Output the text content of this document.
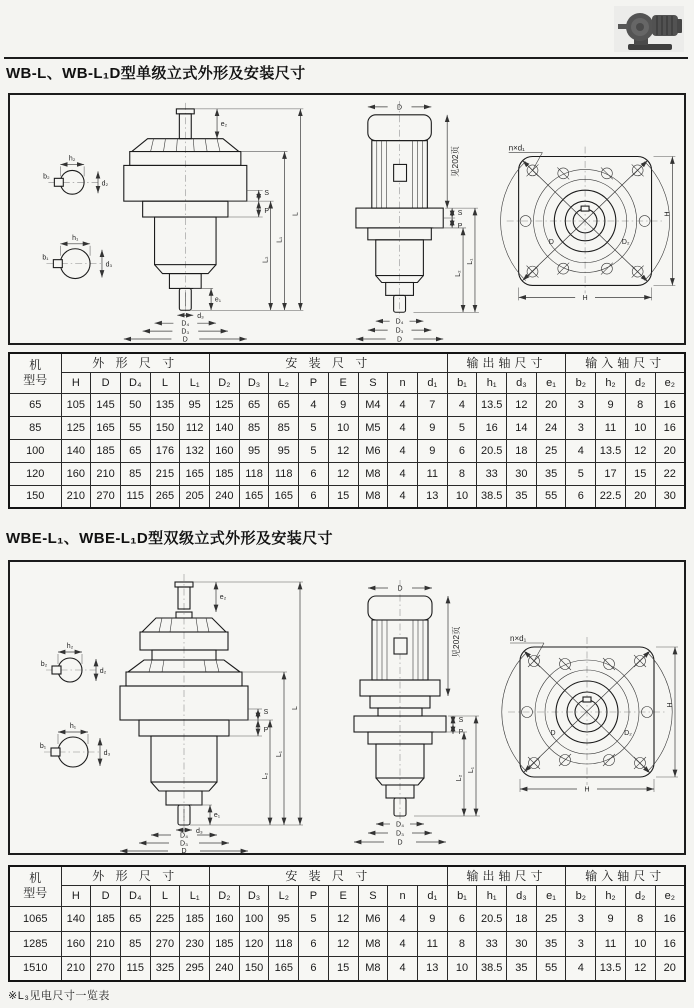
WB-L、WB-L₁D型单级立式外形及安装尺寸
h₂
b₂
d₂
h₁
b₁
d₃
e₂
S
P
e₁
d₃
L₂
L₁
L
D₄
D₃
D
D
见202页
S
P
L₂
L₁
D₄
D₃
D
D	D₂
n×d₁
H
H
机
型号	外 形 尺 寸					安 装 尺 寸								输出轴尺寸				输入轴尺寸			
	H	D	D₄	L	L₁	D₂	D₃	L₂	P	E	S	n	d₁	b₁	h₁	d₃	e₁	b₂	h₂	d₂	e₂
65	105	145	50	135	95	125	65	65	4	9	M4	4	7	4	13.5	12	20	3	9	8	16
85	125	165	55	150	112	140	85	85	5	10	M5	4	9	5	16	14	24	3	11	10	16
100	140	185	65	176	132	160	95	95	5	12	M6	4	9	6	20.5	18	25	4	13.5	12	20
120	160	210	85	215	165	185	118	118	6	12	M8	4	11	8	33	30	35	5	17	15	22
150	210	270	115	265	205	240	165	165	6	15	M8	4	13	10	38.5	35	55	6	22.5	20	30
WBE-L₁、WBE-L₁D型双级立式外形及安装尺寸
h₂
b₂
d₂
h₁
b₁
d₃
e₂
S
P
e₁
d₃
L₂
L₁
L
D₄
D₃
D
D
见202页
S
P
L₂
L₁
D₄
D₃
D
D	D₂
n×d₁
H
H
机
型号	外 形 尺 寸					安 装 尺 寸								输出轴尺寸				输入轴尺寸			
	H	D	D₄	L	L₁	D₂	D₃	L₂	P	E	S	n	d₁	b₁	h₁	d₃	e₁	b₂	h₂	d₂	e₂
1065	140	185	65	225	185	160	100	95	5	12	M6	4	9	6	20.5	18	25	3	9	8	16
1285	160	210	85	270	230	185	120	118	6	12	M8	4	11	8	33	30	35	3	11	10	16
1510	210	270	115	325	295	240	150	165	6	15	M8	4	13	10	38.5	35	55	4	13.5	12	20
※L₃见电尺寸一览表
